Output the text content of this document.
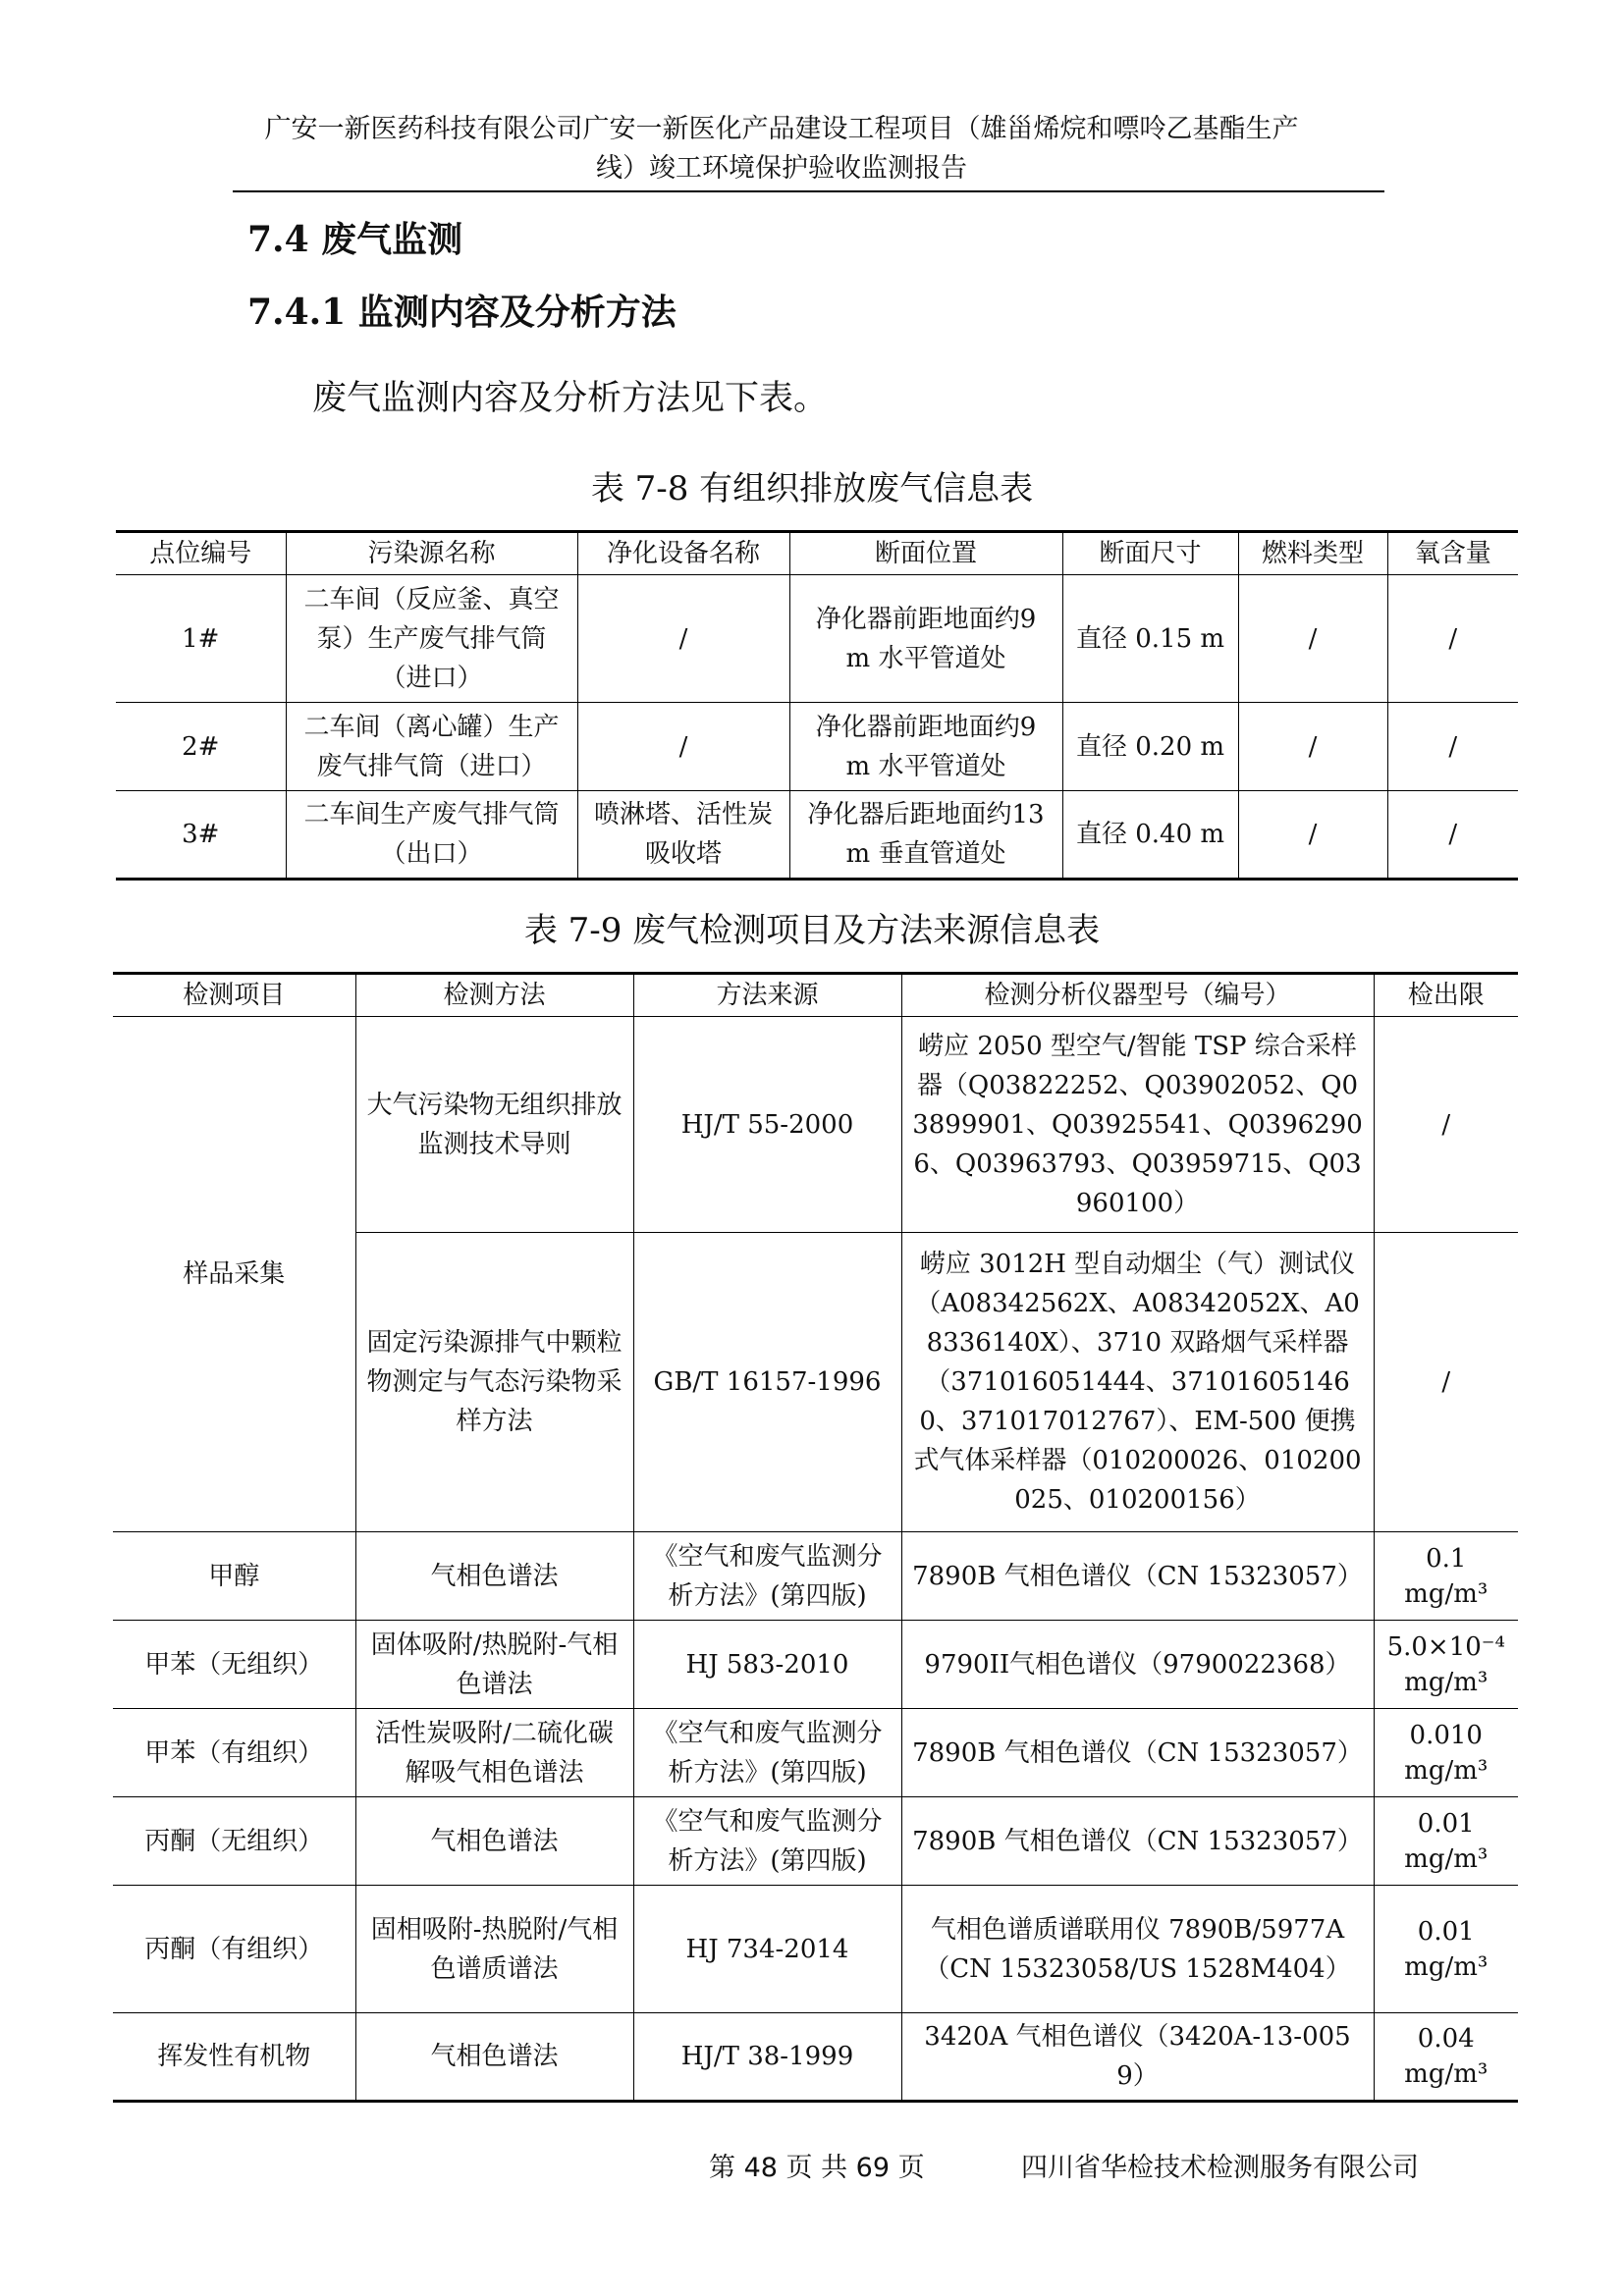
广安一新医药科技有限公司广安一新医化产品建设工程项目（雄甾烯烷和嘌呤乙基酯生产
线）竣工环境保护验收监测报告
7.4 废气监测
7.4.1 监测内容及分析方法
废气监测内容及分析方法见下表。
表 7-8 有组织排放废气信息表
点位编号	污染源名称	净化设备名称	断面位置	断面尺寸	燃料类型	氧含量
1#	二车间（反应釜、真空泵）生产废气排气筒（进口）	/	净化器前距地面约9 m 水平管道处	直径 0.15 m	/	/
2#	二车间（离心罐）生产废气排气筒（进口）	/	净化器前距地面约9 m 水平管道处	直径 0.20 m	/	/
3#	二车间生产废气排气筒（出口）	喷淋塔、活性炭吸收塔	净化器后距地面约13 m 垂直管道处	直径 0.40 m	/	/
表 7-9 废气检测项目及方法来源信息表
检测项目	检测方法	方法来源	检测分析仪器型号（编号）	检出限
样品采集	大气污染物无组织排放监测技术导则	HJ/T 55-2000	崂应 2050 型空气/智能 TSP 综合采样器（Q03822252、Q03902052、Q03899901、Q03925541、Q03962906、Q03963793、Q03959715、Q03960100）	/
	固定污染源排气中颗粒物测定与气态污染物采样方法	GB/T 16157-1996	崂应 3012H 型自动烟尘（气）测试仪（A08342562X、A08342052X、A08336140X）、3710 双路烟气采样器（371016051444、371016051460、371017012767）、EM-500 便携式气体采样器（010200026、010200025、010200156）	/
甲醇	气相色谱法	《空气和废气监测分析方法》(第四版)	7890B 气相色谱仪（CN 15323057）	0.1
mg/m³
甲苯（无组织）	固体吸附/热脱附-气相色谱法	HJ 583-2010	9790II气相色谱仪（9790022368）	5.0×10⁻⁴
mg/m³
甲苯（有组织）	活性炭吸附/二硫化碳解吸气相色谱法	《空气和废气监测分析方法》(第四版)	7890B 气相色谱仪（CN 15323057）	0.010
mg/m³
丙酮（无组织）	气相色谱法	《空气和废气监测分析方法》(第四版)	7890B 气相色谱仪（CN 15323057）	0.01
mg/m³
丙酮（有组织）	固相吸附-热脱附/气相色谱质谱法	HJ 734-2014	气相色谱质谱联用仪 7890B/5977A（CN 15323058/US 1528M404）	0.01
mg/m³
挥发性有机物	气相色谱法	HJ/T 38-1999	3420A 气相色谱仪（3420A-13-0059）	0.04
mg/m³
第 48 页 共 69 页	四川省华检技术检测服务有限公司
